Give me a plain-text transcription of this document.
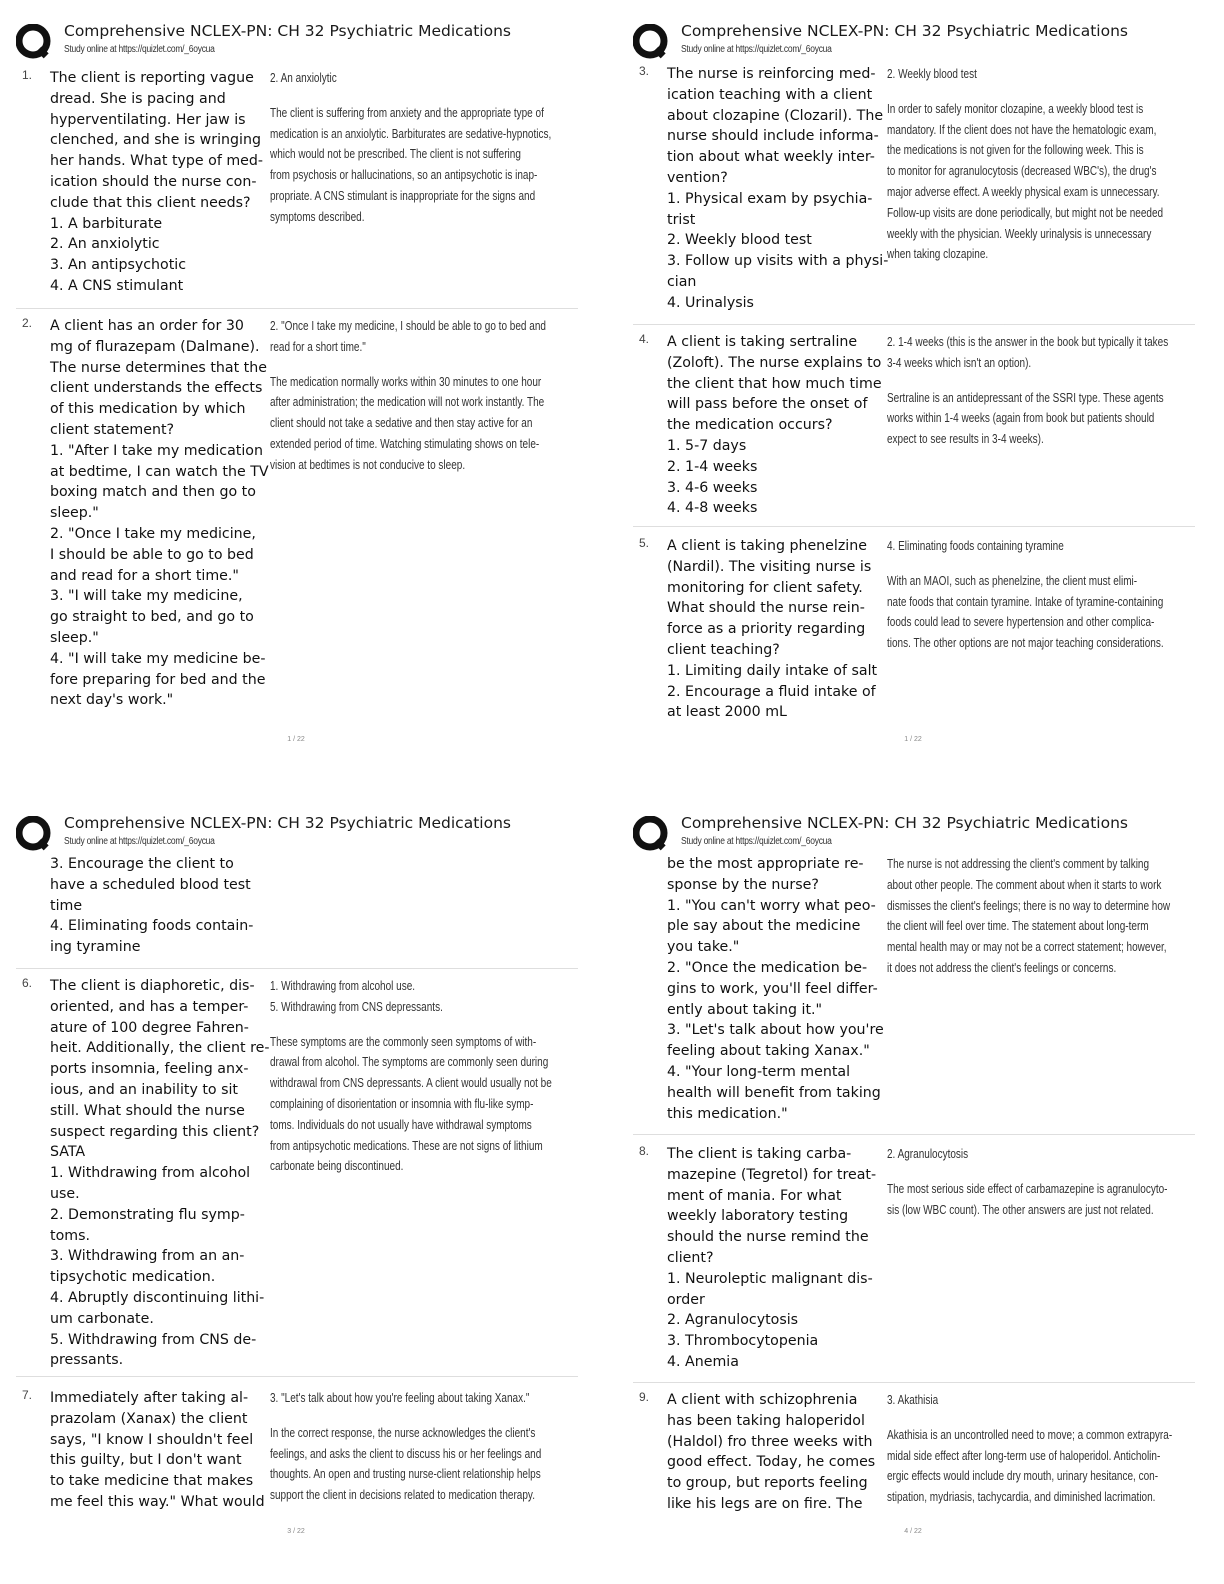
Comprehensive NCLEX-PN: CH 32 Psychiatric Medications
Study online at https://quizlet.com/_6oycua
1. The client is reporting vague
dread. She is pacing and
hyperventilating. Her jaw is
clenched, and she is wringing
her hands. What type of med-
ication should the nurse con-
clude that this client needs?
1. A barbiturate
2. An anxiolytic
3. An antipsychotic
4. A CNS stimulant
2. An anxiolytic
The client is suffering from anxiety and the appropriate type of
medication is an anxiolytic. Barbiturates are sedative-hypnotics,
which would not be prescribed. The client is not suffering
from psychosis or hallucinations, so an antipsychotic is inap-
propriate. A CNS stimulant is inappropriate for the signs and
symptoms described.
2. A client has an order for 30
mg of flurazepam (Dalmane).
The nurse determines that the
client understands the effects
of this medication by which
client statement?
1. "After I take my medication
at bedtime, I can watch the TV
boxing match and then go to
sleep."
2. "Once I take my medicine,
I should be able to go to bed
and read for a short time."
3. "I will take my medicine,
go straight to bed, and go to
sleep."
4. "I will take my medicine be-
fore preparing for bed and the
next day's work."
2. "Once I take my medicine, I should be able to go to bed and
read for a short time."
The medication normally works within 30 minutes to one hour
after administration; the medication will not work instantly. The
client should not take a sedative and then stay active for an
extended period of time. Watching stimulating shows on tele-
vision at bedtimes is not conducive to sleep.
1 / 22
Comprehensive NCLEX-PN: CH 32 Psychiatric Medications
Study online at https://quizlet.com/_6oycua
3. The nurse is reinforcing med-
ication teaching with a client
about clozapine (Clozaril). The
nurse should include informa-
tion about what weekly inter-
vention?
1. Physical exam by psychia-
trist
2. Weekly blood test
3. Follow up visits with a physi-
cian
4. Urinalysis
2. Weekly blood test
In order to safely monitor clozapine, a weekly blood test is
mandatory. If the client does not have the hematologic exam,
the medications is not given for the following week. This is
to monitor for agranulocytosis (decreased WBC's), the drug's
major adverse effect. A weekly physical exam is unnecessary.
Follow-up visits are done periodically, but might not be needed
weekly with the physician. Weekly urinalysis is unnecessary
when taking clozapine.
4. A client is taking sertraline
(Zoloft). The nurse explains to
the client that how much time
will pass before the onset of
the medication occurs?
1. 5-7 days
2. 1-4 weeks
3. 4-6 weeks
4. 4-8 weeks
2. 1-4 weeks (this is the answer in the book but typically it takes
3-4 weeks which isn't an option).
Sertraline is an antidepressant of the SSRI type. These agents
works within 1-4 weeks (again from book but patients should
expect to see results in 3-4 weeks).
5. A client is taking phenelzine
(Nardil). The visiting nurse is
monitoring for client safety.
What should the nurse rein-
force as a priority regarding
client teaching?
1. Limiting daily intake of salt
2. Encourage a fluid intake of
at least 2000 mL
4. Eliminating foods containing tyramine
With an MAOI, such as phenelzine, the client must elimi-
nate foods that contain tyramine. Intake of tyramine-containing
foods could lead to severe hypertension and other complica-
tions. The other options are not major teaching considerations.
1 / 22
Comprehensive NCLEX-PN: CH 32 Psychiatric Medications
Study online at https://quizlet.com/_6oycua
3. Encourage the client to
have a scheduled blood test
time
4. Eliminating foods contain-
ing tyramine
6. The client is diaphoretic, dis-
oriented, and has a temper-
ature of 100 degree Fahren-
heit. Additionally, the client re-
ports insomnia, feeling anx-
ious, and an inability to sit
still. What should the nurse
suspect regarding this client?
SATA
1. Withdrawing from alcohol
use.
2. Demonstrating flu symp-
toms.
3. Withdrawing from an an-
tipsychotic medication.
4. Abruptly discontinuing lithi-
um carbonate.
5. Withdrawing from CNS de-
pressants.
1. Withdrawing from alcohol use.
5. Withdrawing from CNS depressants.
These symptoms are the commonly seen symptoms of with-
drawal from alcohol. The symptoms are commonly seen during
withdrawal from CNS depressants. A client would usually not be
complaining of disorientation or insomnia with flu-like symp-
toms. Individuals do not usually have withdrawal symptoms
from antipsychotic medications. These are not signs of lithium
carbonate being discontinued.
7. Immediately after taking al-
prazolam (Xanax) the client
says, "I know I shouldn't feel
this guilty, but I don't want
to take medicine that makes
me feel this way." What would
3. "Let's talk about how you're feeling about taking Xanax."
In the correct response, the nurse acknowledges the client's
feelings, and asks the client to discuss his or her feelings and
thoughts. An open and trusting nurse-client relationship helps
support the client in decisions related to medication therapy.
3 / 22
Comprehensive NCLEX-PN: CH 32 Psychiatric Medications
Study online at https://quizlet.com/_6oycua
be the most appropriate re-
sponse by the nurse?
1. "You can't worry what peo-
ple say about the medicine
you take."
2. "Once the medication be-
gins to work, you'll feel differ-
ently about taking it."
3. "Let's talk about how you're
feeling about taking Xanax."
4. "Your long-term mental
health will benefit from taking
this medication."
The nurse is not addressing the client's comment by talking
about other people. The comment about when it starts to work
dismisses the client's feelings; there is no way to determine how
the client will feel over time. The statement about long-term
mental health may or may not be a correct statement; however,
it does not address the client's feelings or concerns.
8. The client is taking carba-
mazepine (Tegretol) for treat-
ment of mania. For what
weekly laboratory testing
should the nurse remind the
client?
1. Neuroleptic malignant dis-
order
2. Agranulocytosis
3. Thrombocytopenia
4. Anemia
2. Agranulocytosis
The most serious side effect of carbamazepine is agranulocyto-
sis (low WBC count). The other answers are just not related.
9. A client with schizophrenia
has been taking haloperidol
(Haldol) fro three weeks with
good effect. Today, he comes
to group, but reports feeling
like his legs are on fire. The
3. Akathisia
Akathisia is an uncontrolled need to move; a common extrapyra-
midal side effect after long-term use of haloperidol. Anticholin-
ergic effects would include dry mouth, urinary hesitance, con-
stipation, mydriasis, tachycardia, and diminished lacrimation.
4 / 22
